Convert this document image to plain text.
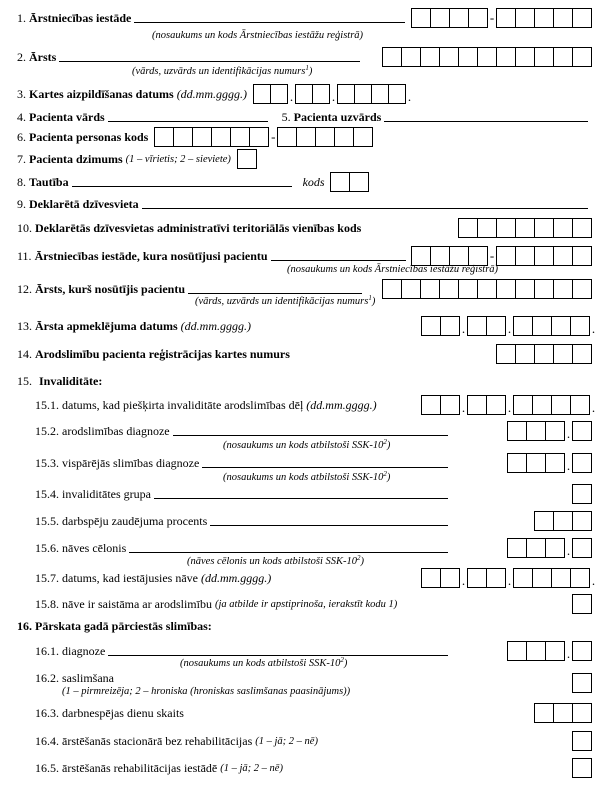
1. Ārstniecības iestāde	-
(nosaukums un kods Ārstniecības iestāžu reģistrā)
2. Ārsts
(vārds, uzvārds un identifikācijas numurs$^1$)
3. Kartes aizpildīšanas datums (dd.mm.gggg.)	.	.	.
4. Pacienta vārds	5. Pacienta uzvārds
6. Pacienta personas kods	-
7. Pacienta dzimums (1 – vīrietis; 2 – sieviete)
8. Tautība	kods
9. Deklarētā dzīvesvieta
10. Deklarētās dzīvesvietas administratīvi teritoriālās vienības kods
11. Ārstniecības iestāde, kura nosūtījusi pacientu	-
(nosaukums un kods Ārstniecības iestāžu reģistrā)
12. Ārsts, kurš nosūtījis pacientu
(vārds, uzvārds un identifikācijas numurs$^1$)
13. Ārsta apmeklējuma datums (dd.mm.gggg.)	.	.	.
14. Arodslimību pacienta reģistrācijas kartes numurs
15. Invaliditāte:
15.1. datums, kad piešķirta invaliditāte arodslimības dēļ (dd.mm.gggg.)	.	.	.
15.2. arodslimības diagnoze	.
(nosaukums un kods atbilstoši SSK-$10^2$)
15.3. vispārējās slimības diagnoze	.
(nosaukums un kods atbilstoši SSK-$10^2$)
15.4. invaliditātes grupa
15.5. darbspēju zaudējuma procents
15.6. nāves cēlonis	.
(nāves cēlonis un kods atbilstoši SSK-$10^2$)
15.7. datums, kad iestājusies nāve (dd.mm.gggg.)	.	.	.
15.8. nāve ir saistāma ar arodslimību (ja atbilde ir apstiprinoša, ierakstīt kodu 1)
16. Pārskata gadā pārciestās slimības:
16.1. diagnoze	.
(nosaukums un kods atbilstoši SSK-$10^2$)
16.2. saslimšana
(1 – pirmreizēja; 2 – hroniska (hroniskas saslimšanas paasinājums))
16.3. darbnespējas dienu skaits
16.4. ārstēšanās stacionārā bez rehabilitācijas (1 – jā; 2 – nē)
16.5. ārstēšanās rehabilitācijas iestādē (1 – jā; 2 – nē)
